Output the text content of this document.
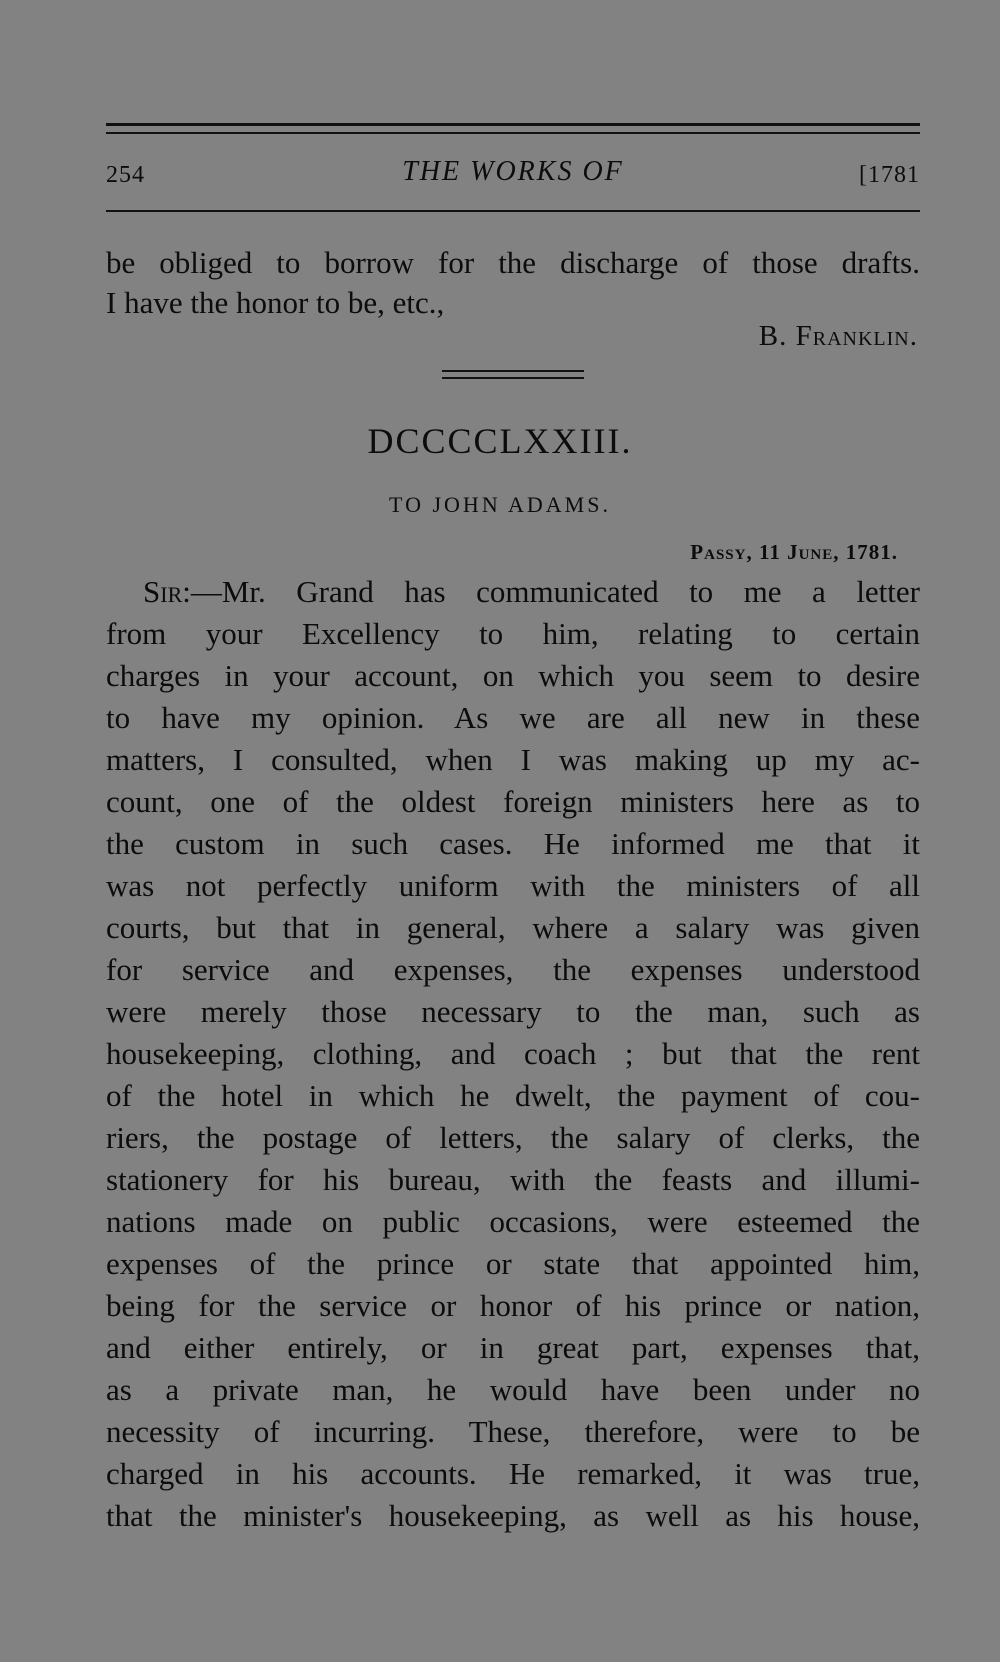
254	THE WORKS OF	[1781
be obliged to borrow for the discharge of those drafts.
I have the honor to be, etc.,
B. Franklin.
DCCCCLXXIII.
TO JOHN ADAMS.
Passy, 11 June, 1781.
Sir:—Mr. Grand has communicated to me a letter
from your Excellency to him, relating to certain
charges in your account, on which you seem to desire
to have my opinion. As we are all new in these
matters, I consulted, when I was making up my ac-
count, one of the oldest foreign ministers here as to
the custom in such cases. He informed me that it
was not perfectly uniform with the ministers of all
courts, but that in general, where a salary was given
for service and expenses, the expenses understood
were merely those necessary to the man, such as
housekeeping, clothing, and coach ; but that the rent
of the hotel in which he dwelt, the payment of cou-
riers, the postage of letters, the salary of clerks, the
stationery for his bureau, with the feasts and illumi-
nations made on public occasions, were esteemed the
expenses of the prince or state that appointed him,
being for the service or honor of his prince or nation,
and either entirely, or in great part, expenses that,
as a private man, he would have been under no
necessity of incurring. These, therefore, were to be
charged in his accounts. He remarked, it was true,
that the minister's housekeeping, as well as his house,
